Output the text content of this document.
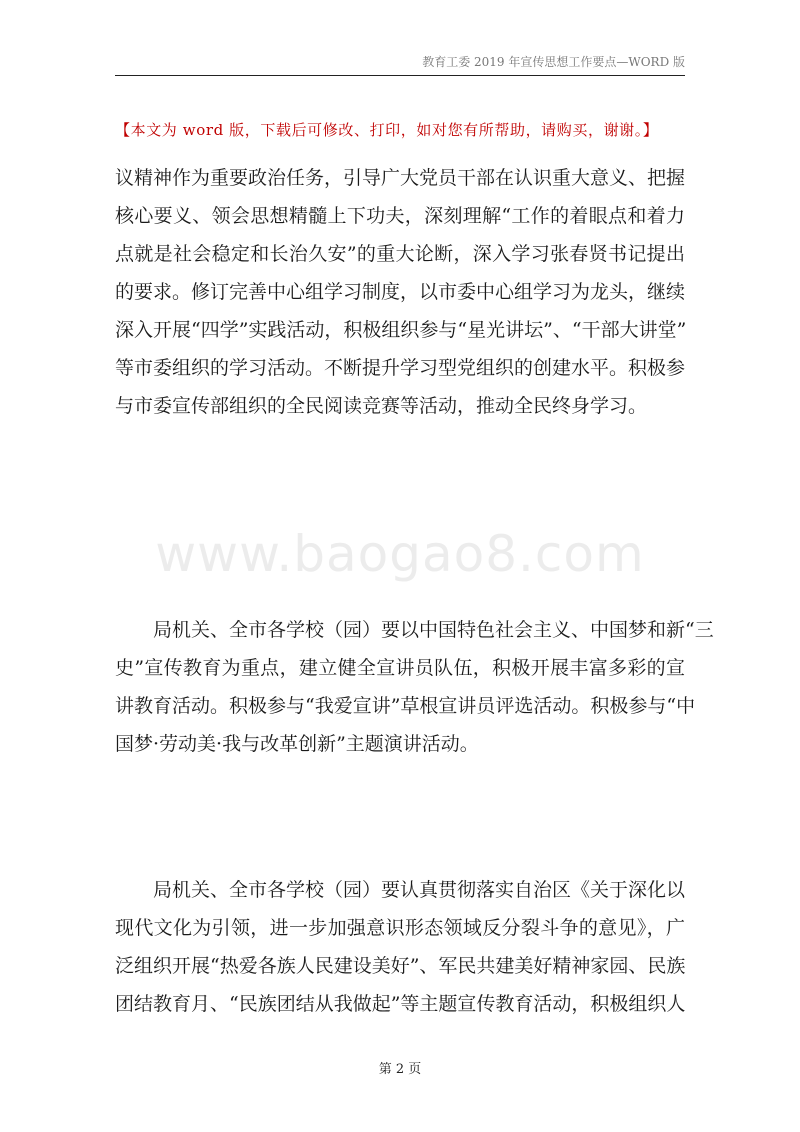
教育工委 2019 年宣传思想工作要点—WORD 版
【本文为 word 版，下载后可修改、打印，如对您有所帮助，请购买，谢谢。】
议精神作为重要政治任务，引导广大党员干部在认识重大意义、把握
核心要义、领会思想精髓上下功夫，深刻理解“工作的着眼点和着力
点就是社会稳定和长治久安”的重大论断，深入学习张春贤书记提出
的要求。修订完善中心组学习制度，以市委中心组学习为龙头，继续
深入开展“四学”实践活动，积极组织参与“星光讲坛”、“干部大讲堂”
等市委组织的学习活动。不断提升学习型党组织的创建水平。积极参
与市委宣传部组织的全民阅读竞赛等活动，推动全民终身学习。
www.baogao8.com
局机关、全市各学校（园）要以中国特色社会主义、中国梦和新“三
史”宣传教育为重点，建立健全宣讲员队伍，积极开展丰富多彩的宣
讲教育活动。积极参与“我爱宣讲”草根宣讲员评选活动。积极参与“中
国梦·劳动美·我与改革创新”主题演讲活动。
局机关、全市各学校（园）要认真贯彻落实自治区《关于深化以
现代文化为引领，进一步加强意识形态领域反分裂斗争的意见》，广
泛组织开展“热爱各族人民建设美好”、军民共建美好精神家园、民族
团结教育月、“民族团结从我做起”等主题宣传教育活动，积极组织人
第 2 页
